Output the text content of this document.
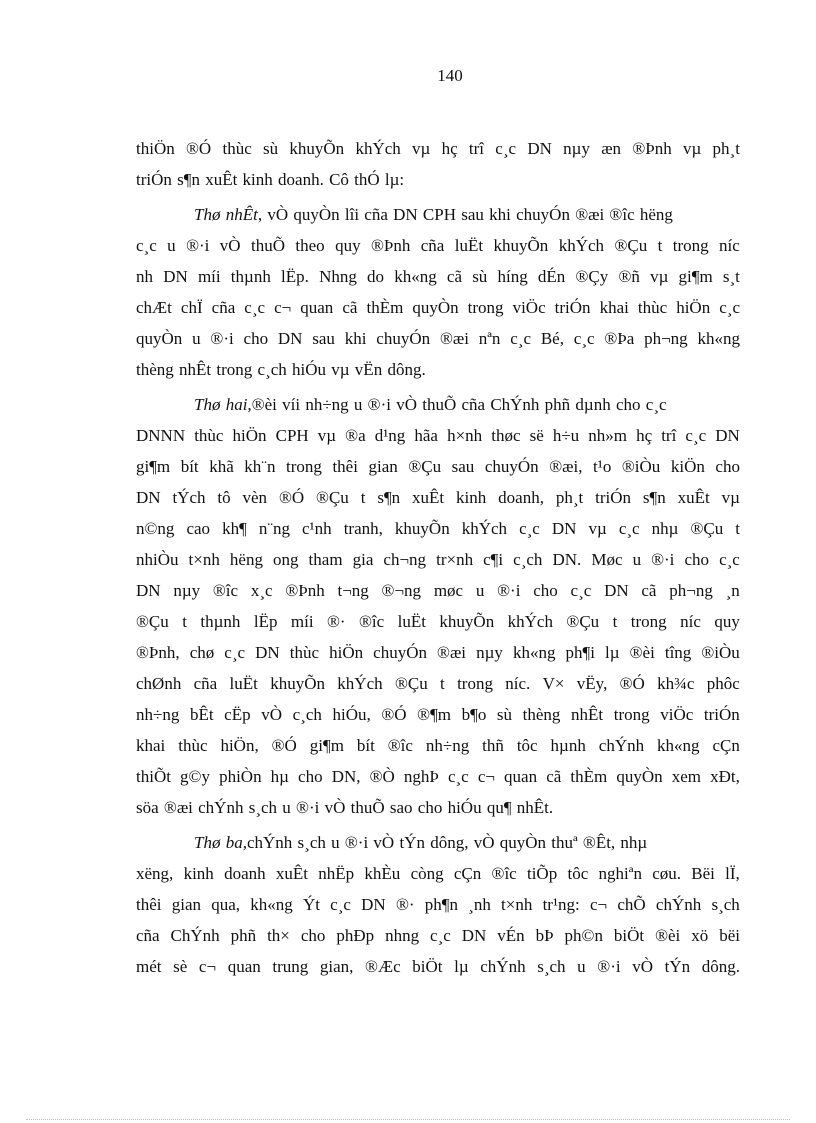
140
thiÖn ®Ó thùc sù khuyÕn khÝch vµ hç trî c¸c DN nµy æn ®Þnh vµ ph¸t
triÓn s¶n xuÊt kinh doanh. Cô thÓ lµ:
Thø nhÊt, vÒ quyÒn lîi cña DN CPH sau khi chuyÓn ®æi ®îc hëng
c¸c u ®·i vÒ thuÕ theo quy ®Þnh cña luËt khuyÕn khÝch ®Çu t trong níc
nh DN míi thµnh lËp. Nhng do kh«ng cã sù híng dÉn ®Çy ®ñ vµ gi¶m s¸t
chÆt chÏ cña c¸c c¬ quan cã thÈm quyÒn trong viÖc triÓn khai thùc hiÖn c¸c
quyÒn u ®·i cho DN sau khi chuyÓn ®æi nªn c¸c Bé, c¸c ®Þa ph¬ng kh«ng
thèng nhÊt trong c¸ch hiÓu vµ vËn dông.
Thø hai,®èi víi nh÷ng u ®·i vÒ thuÕ cña ChÝnh phñ dµnh cho c¸c
DNNN thùc hiÖn CPH vµ ®a d¹ng hãa h×nh thøc së h÷u nh»m hç trî c¸c DN
gi¶m bít khã kh¨n trong thêi gian ®Çu sau chuyÓn ®æi, t¹o ®iÒu kiÖn cho
DN tÝch tô vèn ®Ó ®Çu t s¶n xuÊt kinh doanh, ph¸t triÓn s¶n xuÊt vµ
n©ng cao kh¶ n¨ng c¹nh tranh, khuyÕn khÝch c¸c DN vµ c¸c nhµ ®Çu t
nhiÒu t×nh hëng ong tham gia ch¬ng tr×nh c¶i c¸ch DN. Møc u ®·i cho c¸c
DN nµy ®îc x¸c ®Þnh t¬ng ®¬ng møc u ®·i cho c¸c DN cã ph¬ng ¸n
®Çu t thµnh lËp míi ®· ®îc luËt khuyÕn khÝch ®Çu t trong níc quy
®Þnh, chø c¸c DN thùc hiÖn chuyÓn ®æi nµy kh«ng ph¶i lµ ®èi tîng ®iÒu
chØnh cña luËt khuyÕn khÝch ®Çu t trong níc. V× vËy, ®Ó kh¾c phôc
nh÷ng bÊt cËp vÒ c¸ch hiÓu, ®Ó ®¶m b¶o sù thèng nhÊt trong viÖc triÓn
khai thùc hiÖn, ®Ó gi¶m bít ®îc nh÷ng thñ tôc hµnh chÝnh kh«ng cÇn
thiÕt g©y phiÒn hµ cho DN, ®Ò nghÞ c¸c c¬ quan cã thÈm quyÒn xem xÐt,
söa ®æi chÝnh s¸ch u ®·i vÒ thuÕ sao cho hiÓu qu¶ nhÊt.
Thø ba,chÝnh s¸ch u ®·i vÒ tÝn dông, vÒ quyÒn thuª ®Êt, nhµ
xëng, kinh doanh xuÊt nhËp khÈu còng cÇn ®îc tiÕp tôc nghiªn cøu. Bëi lÏ,
thêi gian qua, kh«ng Ýt c¸c DN ®· ph¶n ¸nh t×nh tr¹ng: c¬ chÕ chÝnh s¸ch
cña ChÝnh phñ th× cho phÐp nhng c¸c DN vÉn bÞ ph©n biÖt ®èi xö bëi
mét sè c¬ quan trung gian, ®Æc biÖt lµ chÝnh s¸ch u ®·i vÒ tÝn dông.
